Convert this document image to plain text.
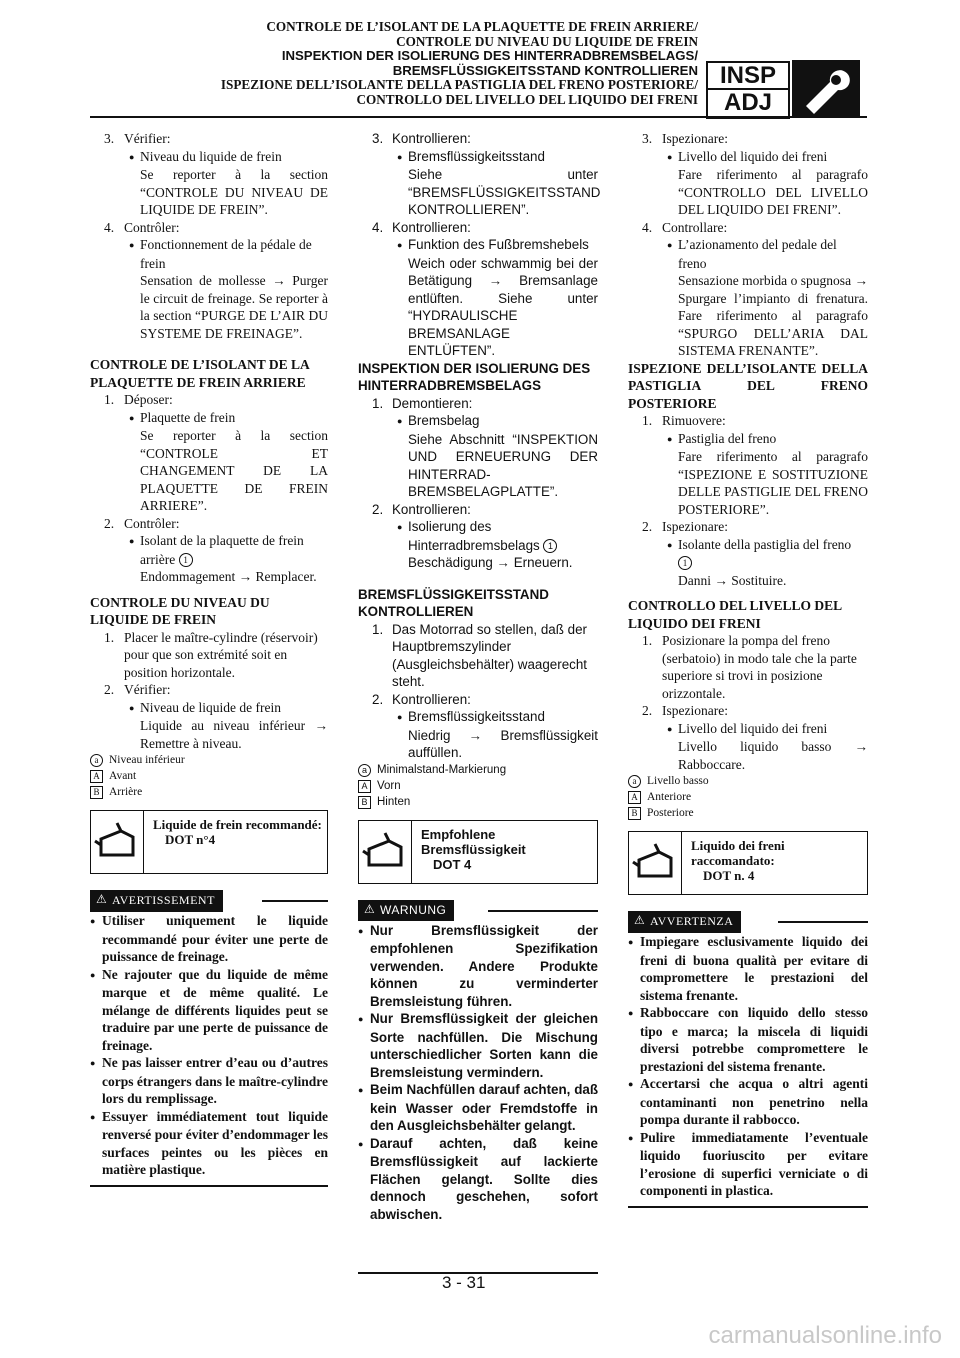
CONTROLE DE L’ISOLANT DE LA PLAQUETTE DE FREIN ARRIERE/
CONTROLE DU NIVEAU DU LIQUIDE DE FREIN
INSPEKTION DER ISOLIERUNG DES HINTERRADBREMSBELAGS/
BREMSFLÜSSIGKEITSSTAND KONTROLLIEREN
ISPEZIONE DELL’ISOLANTE DELLA PASTIGLIA DEL FRENO POSTERIORE/
CONTROLLO DEL LIVELLO DEL LIQUIDO DEI FRENI
INSP
ADJ
3. Vérifier:
● Niveau du liquide de frein
Se reporter à la section “CONTROLE DU NIVEAU DE LIQUIDE DE FREIN”.
4. Contrôler:
● Fonctionnement de la pédale de frein
Sensation de mollesse → Purger le circuit de freinage. Se reporter à la section “PURGE DE L’AIR DU SYSTEME DE FREINAGE”.
CONTROLE DE L’ISOLANT DE LA PLAQUETTE DE FREIN ARRIERE
1. Déposer:
● Plaquette de frein
Se reporter à la section “CONTROLE ET CHANGEMENT DE LA PLAQUETTE DE FREIN ARRIERE”.
2. Contrôler:
● Isolant de la plaquette de frein arrière 1
Endommagement → Remplacer.
CONTROLE DU NIVEAU DU LIQUIDE DE FREIN
1. Placer le maître-cylindre (réservoir) pour que son extrémité soit en position horizontale.
2. Vérifier:
● Niveau de liquide de frein
Liquide au niveau inférieur → Remettre à niveau.
a Niveau inférieur
A Avant
B Arrière
Liquide de frein recommandé:
DOT n°4
⚠ AVERTISSEMENT
● Utiliser uniquement le liquide recommandé pour éviter une perte de puissance de freinage.
● Ne rajouter que du liquide de même marque et de même qualité. Le mélange de différents liquides peut se traduire par une perte de puissance de freinage.
● Ne pas laisser entrer d’eau ou d’autres corps étrangers dans le maître-cylindre lors du remplissage.
● Essuyer immédiatement tout liquide renversé pour éviter d’endommager les surfaces peintes ou les pièces en matière plastique.
3. Kontrollieren:
● Bremsflüssigkeitsstand
Siehe unter “BREMSFLÜSSIGKEITSSTAND KONTROLLIEREN”.
4. Kontrollieren:
● Funktion des Fußbremshebels
Weich oder schwammig bei der Betätigung → Bremsanlage entlüften. Siehe unter “HYDRAULISCHE BREMSANLAGE ENTLÜFTEN”.
INSPEKTION DER ISOLIERUNG DES HINTERRADBREMSBELAGS
1. Demontieren:
● Bremsbelag
Siehe Abschnitt “INSPEKTION UND ERNEUERUNG DER HINTERRAD-BREMSBELAGPLATTE”.
2. Kontrollieren:
● Isolierung des Hinterradbremsbelags 1
Beschädigung → Erneuern.
BREMSFLÜSSIGKEITSSTAND KONTROLLIEREN
1. Das Motorrad so stellen, daß der Hauptbremszylinder (Ausgleichsbehälter) waagerecht steht.
2. Kontrollieren:
● Bremsflüssigkeitsstand
Niedrig → Bremsflüssigkeit auffüllen.
a Minimalstand-Markierung
A Vorn
B Hinten
Empfohlene Bremsflüssigkeit
DOT 4
⚠ WARNUNG
● Nur Bremsflüssigkeit der empfohlenen Spezifikation verwenden. Andere Produkte können zu verminderter Bremsleistung führen.
● Nur Bremsflüssigkeit der gleichen Sorte nachfüllen. Die Mischung unterschiedlicher Sorten kann die Bremsleistung vermindern.
● Beim Nachfüllen darauf achten, daß kein Wasser oder Fremdstoffe in den Ausgleichsbehälter gelangt.
● Darauf achten, daß keine Bremsflüssigkeit auf lackierte Flächen gelangt. Sollte dies dennoch geschehen, sofort abwischen.
3. Ispezionare:
● Livello del liquido dei freni
Fare riferimento al paragrafo “CONTROLLO DEL LIVELLO DEL LIQUIDO DEI FRENI”.
4. Controllare:
● L’azionamento del pedale del freno
Sensazione morbida o spugnosa → Spurgare l’impianto di frenatura. Fare riferimento al paragrafo “SPURGO DELL’ARIA DAL SISTEMA FRENANTE”.
ISPEZIONE DELL’ISOLANTE DELLA PASTIGLIA DEL FRENO POSTERIORE
1. Rimuovere:
● Pastiglia del freno
Fare riferimento al paragrafo “ISPEZIONE E SOSTITUZIONE DELLE PASTIGLIE DEL FRENO POSTERIORE”.
2. Ispezionare:
● Isolante della pastiglia del freno 1
Danni → Sostituire.
CONTROLLO DEL LIVELLO DEL LIQUIDO DEI FRENI
1. Posizionare la pompa del freno (serbatoio) in modo tale che la parte superiore si trovi in posizione orizzontale.
2. Ispezionare:
● Livello del liquido dei freni
Livello liquido basso → Rabboccare.
a Livello basso
A Anteriore
B Posteriore
Liquido dei freni raccomandato:
DOT n. 4
⚠ AVVERTENZA
● Impiegare esclusivamente liquido dei freni di buona qualità per evitare di compromettere le prestazioni del sistema frenante.
● Rabboccare con liquido dello stesso tipo e marca; la miscela di liquidi diversi potrebbe compromettere le prestazioni del sistema frenante.
● Accertarsi che acqua o altri agenti contaminanti non penetrino nella pompa durante il rabbocco.
● Pulire immediatamente l’eventuale liquido fuoriuscito per evitare l’erosione di superfici verniciate o di componenti in plastica.
3 - 31
carmanualsonline.info
